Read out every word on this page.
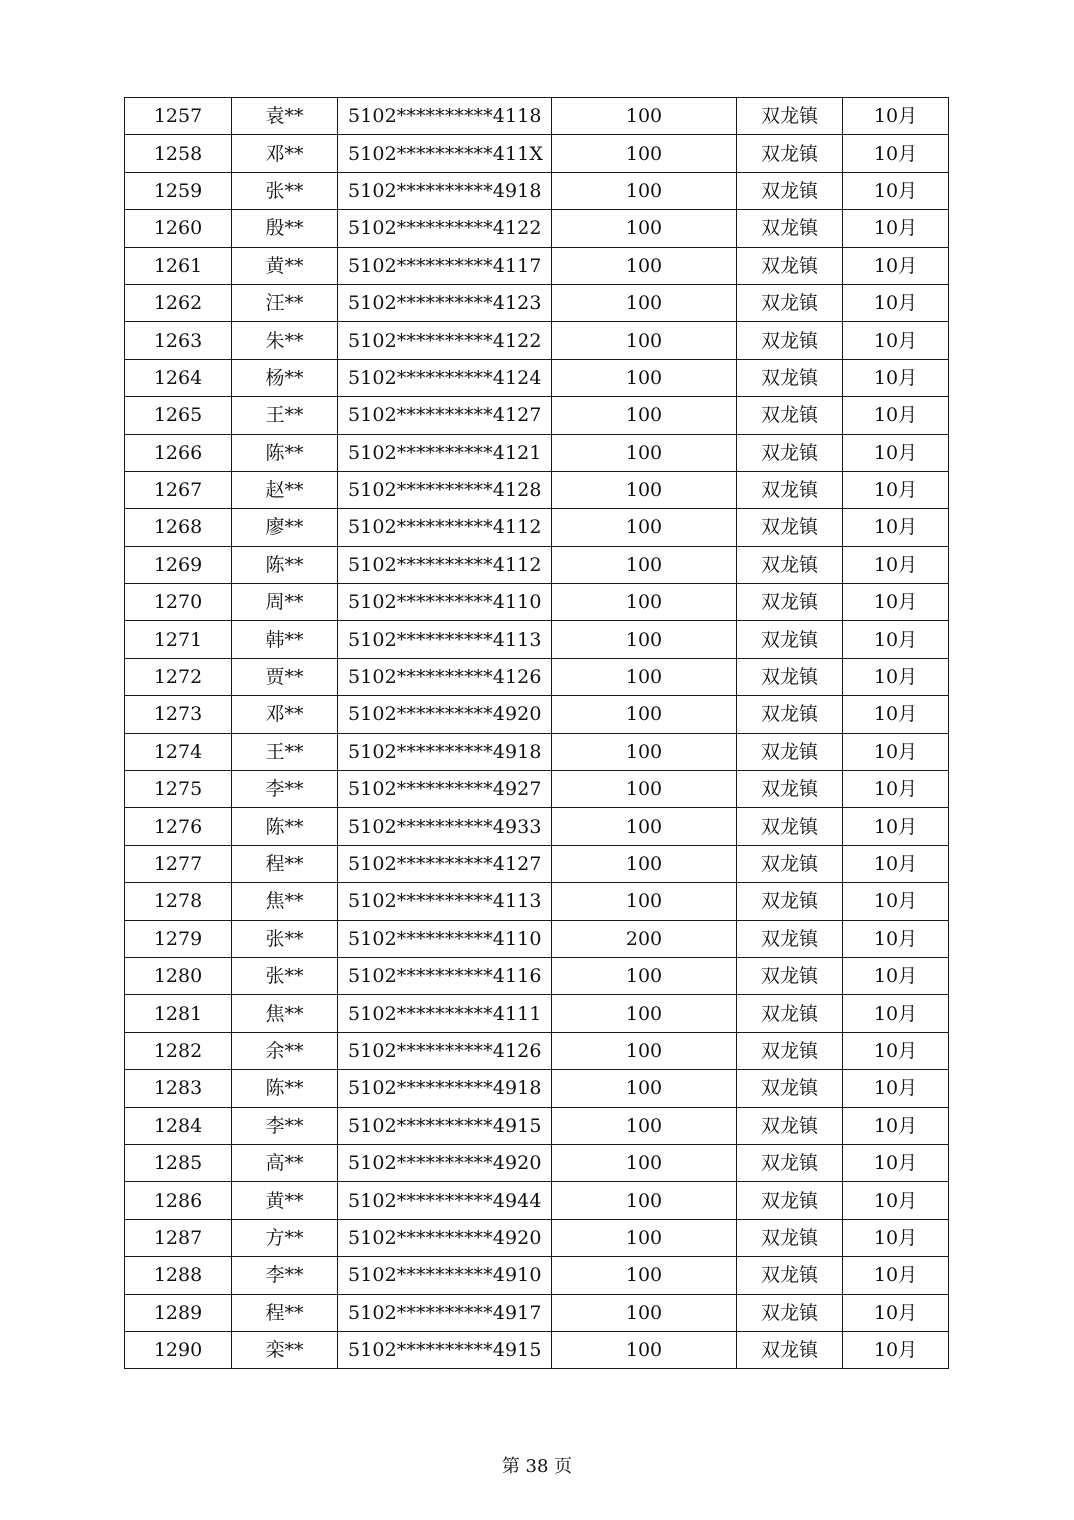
1257	袁**	5102**********4118	100	双龙镇	10月
1258	邓**	5102**********411X	100	双龙镇	10月
1259	张**	5102**********4918	100	双龙镇	10月
1260	殷**	5102**********4122	100	双龙镇	10月
1261	黄**	5102**********4117	100	双龙镇	10月
1262	汪**	5102**********4123	100	双龙镇	10月
1263	朱**	5102**********4122	100	双龙镇	10月
1264	杨**	5102**********4124	100	双龙镇	10月
1265	王**	5102**********4127	100	双龙镇	10月
1266	陈**	5102**********4121	100	双龙镇	10月
1267	赵**	5102**********4128	100	双龙镇	10月
1268	廖**	5102**********4112	100	双龙镇	10月
1269	陈**	5102**********4112	100	双龙镇	10月
1270	周**	5102**********4110	100	双龙镇	10月
1271	韩**	5102**********4113	100	双龙镇	10月
1272	贾**	5102**********4126	100	双龙镇	10月
1273	邓**	5102**********4920	100	双龙镇	10月
1274	王**	5102**********4918	100	双龙镇	10月
1275	李**	5102**********4927	100	双龙镇	10月
1276	陈**	5102**********4933	100	双龙镇	10月
1277	程**	5102**********4127	100	双龙镇	10月
1278	焦**	5102**********4113	100	双龙镇	10月
1279	张**	5102**********4110	200	双龙镇	10月
1280	张**	5102**********4116	100	双龙镇	10月
1281	焦**	5102**********4111	100	双龙镇	10月
1282	余**	5102**********4126	100	双龙镇	10月
1283	陈**	5102**********4918	100	双龙镇	10月
1284	李**	5102**********4915	100	双龙镇	10月
1285	高**	5102**********4920	100	双龙镇	10月
1286	黄**	5102**********4944	100	双龙镇	10月
1287	方**	5102**********4920	100	双龙镇	10月
1288	李**	5102**********4910	100	双龙镇	10月
1289	程**	5102**********4917	100	双龙镇	10月
1290	栾**	5102**********4915	100	双龙镇	10月
第 38 页
